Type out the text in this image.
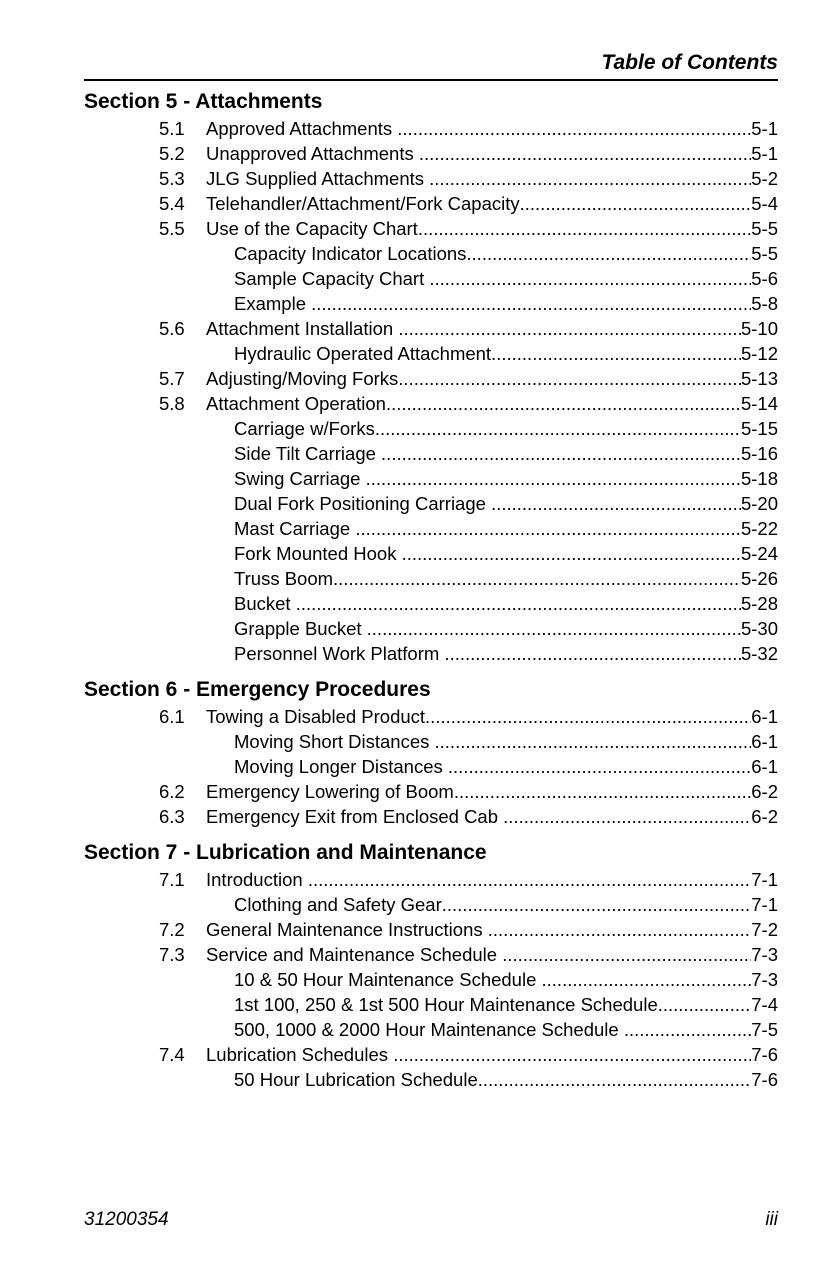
Table of Contents
Section 5 - Attachments
5.1 Approved Attachments .....	5-1
5.2 Unapproved Attachments .....	5-1
5.3 JLG Supplied Attachments .....	5-2
5.4 Telehandler/Attachment/Fork Capacity .....	5-4
5.5 Use of the Capacity Chart .....	5-5
Capacity Indicator Locations .....	5-5
Sample Capacity Chart .....	5-6
Example .....	5-8
5.6 Attachment Installation .....	5-10
Hydraulic Operated Attachment .....	5-12
5.7 Adjusting/Moving Forks .....	5-13
5.8 Attachment Operation .....	5-14
Carriage w/Forks .....	5-15
Side Tilt Carriage .....	5-16
Swing Carriage .....	5-18
Dual Fork Positioning Carriage .....	5-20
Mast Carriage .....	5-22
Fork Mounted Hook .....	5-24
Truss Boom .....	5-26
Bucket .....	5-28
Grapple Bucket .....	5-30
Personnel Work Platform .....	5-32
Section 6 - Emergency Procedures
6.1 Towing a Disabled Product .....	6-1
Moving Short Distances .....	6-1
Moving Longer Distances .....	6-1
6.2 Emergency Lowering of Boom .....	6-2
6.3 Emergency Exit from Enclosed Cab .....	6-2
Section 7 - Lubrication and Maintenance
7.1 Introduction .....	7-1
Clothing and Safety Gear .....	7-1
7.2 General Maintenance Instructions .....	7-2
7.3 Service and Maintenance Schedule .....	7-3
10 & 50 Hour Maintenance Schedule .....	7-3
1st 100, 250 & 1st 500 Hour Maintenance Schedule .....	7-4
500, 1000 & 2000 Hour Maintenance Schedule .....	7-5
7.4 Lubrication Schedules .....	7-6
50 Hour Lubrication Schedule .....	7-6
31200354	iii
